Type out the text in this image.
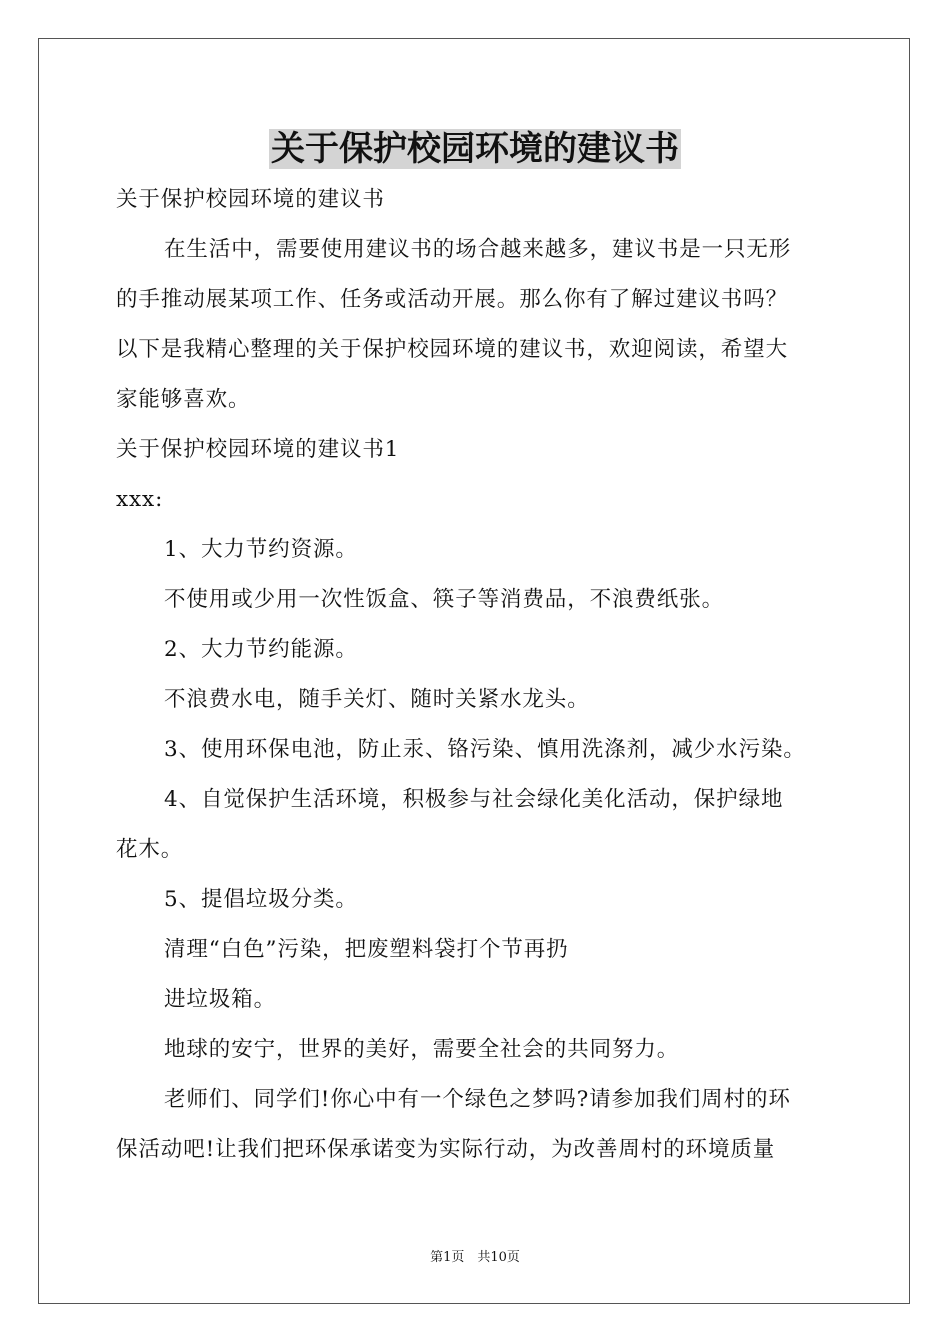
关于保护校园环境的建议书

关于保护校园环境的建议书

在生活中，需要使用建议书的场合越来越多，建议书是一只无形

的手推动展某项工作、任务或活动开展。那么你有了解过建议书吗？

以下是我精心整理的关于保护校园环境的建议书，欢迎阅读，希望大

家能够喜欢。

关于保护校园环境的建议书1

xxx:

1、大力节约资源。

不使用或少用一次性饭盒、筷子等消费品，不浪费纸张。

2、大力节约能源。

不浪费水电，随手关灯、随时关紧水龙头。

3、使用环保电池，防止汞、铬污染、慎用洗涤剂，减少水污染。

4、自觉保护生活环境，积极参与社会绿化美化活动，保护绿地

花木。

5、提倡垃圾分类。

清理“白色”污染，把废塑料袋打个节再扔

进垃圾箱。

地球的安宁，世界的美好，需要全社会的共同努力。

老师们、同学们!你心中有一个绿色之梦吗?请参加我们周村的环

保活动吧!让我们把环保承诺变为实际行动，为改善周村的环境质量

第1页　共10页
